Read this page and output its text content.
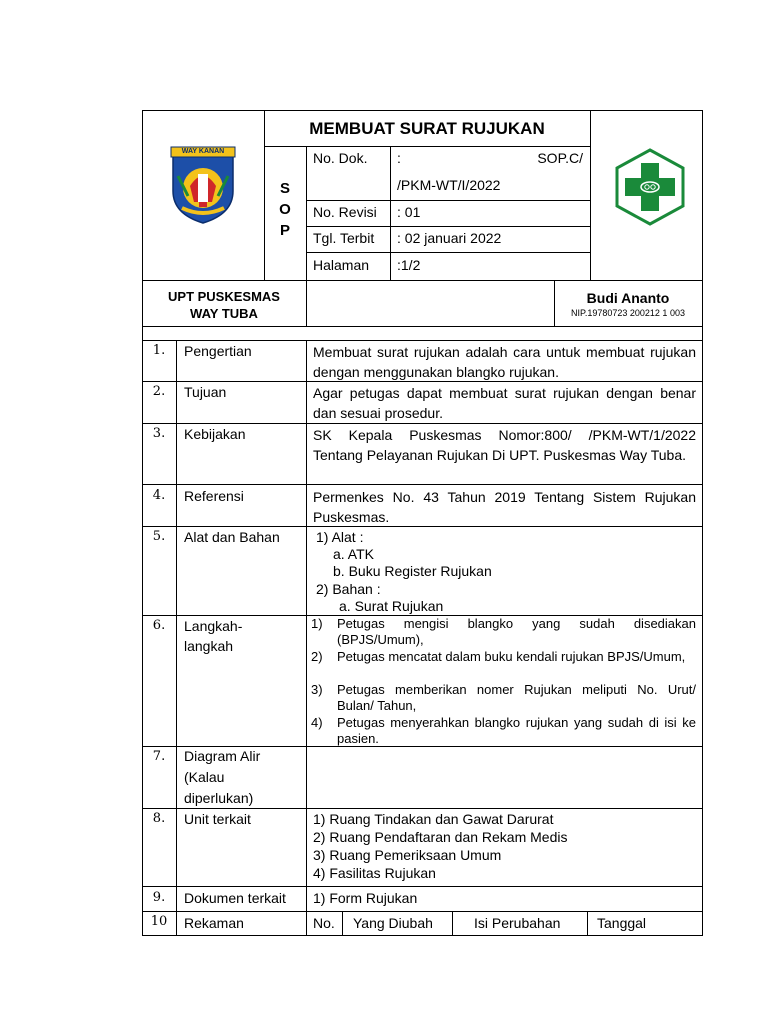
WAY KANAN
MEMBUAT SURAT RUJUKAN
S
O
P
No. Dok. :	SOP.C/
/PKM-WT/I/2022
No. Revisi : 01
Tgl. Terbit : 02 januari 2022
Halaman :1/2
UPT PUSKESMAS
WAY TUBA
Budi Ananto
NIP.19780723 200212 1 003
1.	Pengertian	Membuat surat rujukan adalah cara untuk membuat rujukan dengan menggunakan blangko rujukan.
2.	Tujuan	Agar petugas dapat membuat surat rujukan dengan benar dan sesuai prosedur.
3.	Kebijakan	SK Kepala Puskesmas Nomor:800/ /PKM-WT/1/2022 Tentang Pelayanan Rujukan Di UPT. Puskesmas Way Tuba.
4.	Referensi	Permenkes No. 43 Tahun 2019 Tentang Sistem Rujukan Puskesmas.
5.	Alat dan Bahan	1) Alat :
a. ATK
b. Buku Register Rujukan
2) Bahan :
a. Surat Rujukan
6.	Langkah-
langkah
1) Petugas mengisi blangko yang sudah disediakan (BPJS/Umum),
2) Petugas mencatat dalam buku kendali rujukan BPJS/Umum,
3) Petugas memberikan nomer Rujukan meliputi No. Urut/ Bulan/ Tahun,
4) Petugas menyerahkan blangko rujukan yang sudah di isi ke pasien.
7.	Diagram Alir
(Kalau
diperlukan)
8.	Unit terkait	1) Ruang Tindakan dan Gawat Darurat
2) Ruang Pendaftaran dan Rekam Medis
3) Ruang Pemeriksaan Umum
4) Fasilitas Rujukan
9.	Dokumen terkait 1) Form Rujukan
10	Rekaman	No. Yang Diubah	Isi Perubahan	Tanggal
